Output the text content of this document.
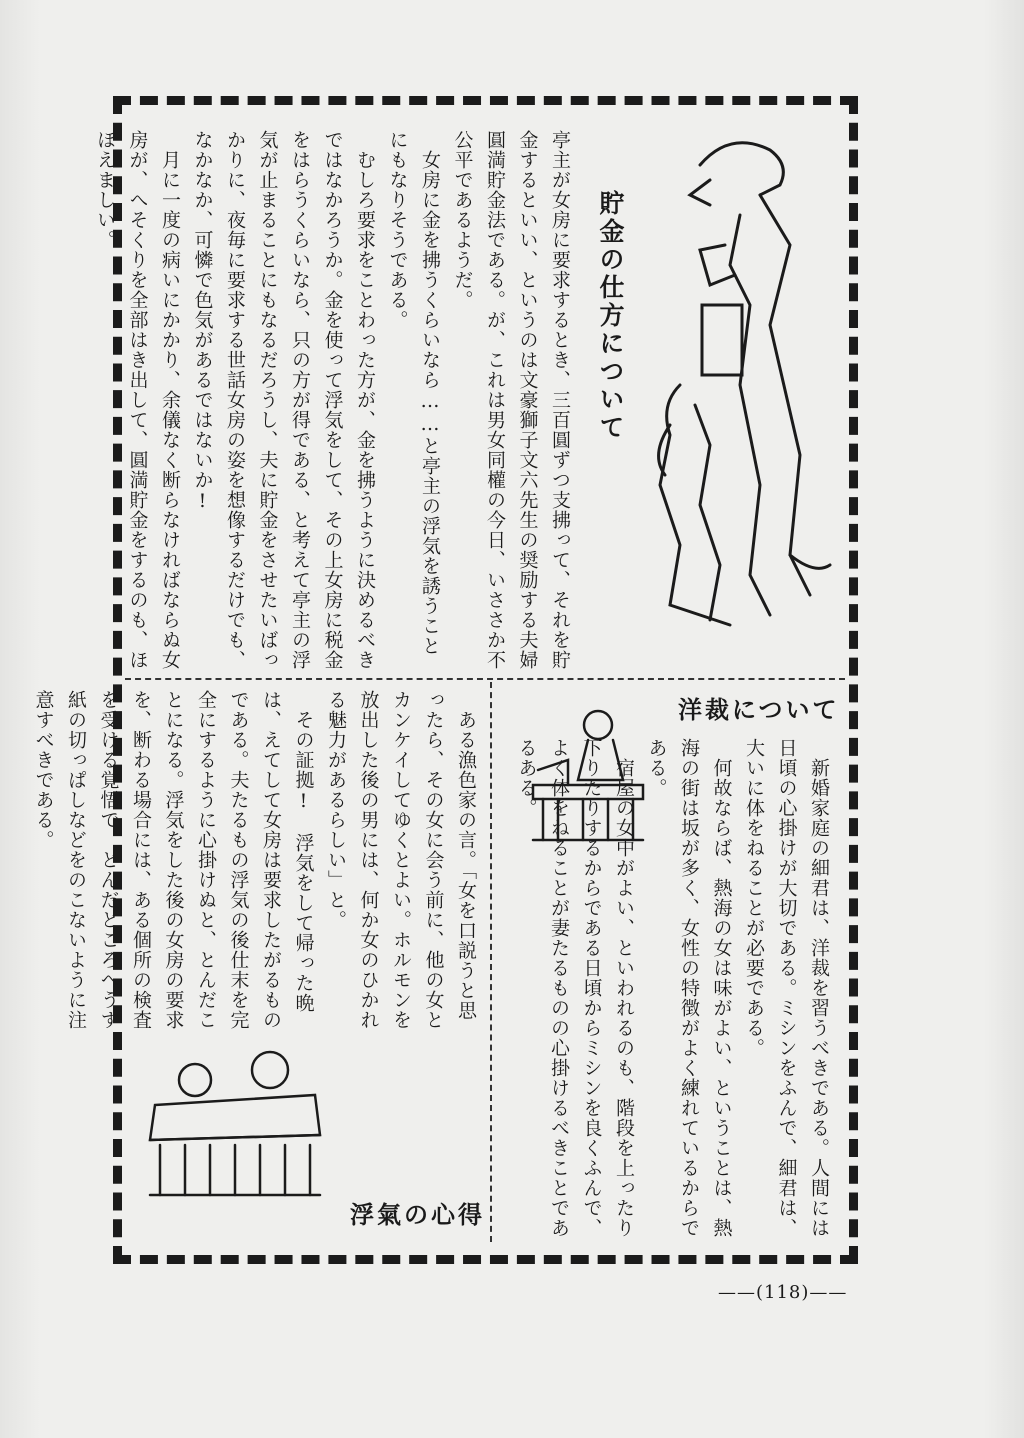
貯金の仕方について
亭主が女房に要求するとき、三百圓ずつ支拂って、それを貯金するといい、というのは文豪獅子文六先生の奨励する夫婦圓満貯金法である。が、これは男女同權の今日、いささか不公平であるようだ。
　女房に金を拂うくらいなら……と亭主の浮気を誘うことにもなりそうである。
　むしろ要求をことわった方が、金を拂うように決めるべきではなかろうか。金を使って浮気をして、その上女房に税金をはらうくらいなら、只の方が得である、と考えて亭主の浮気が止まることにもなるだろうし、夫に貯金をさせたいばっかりに、夜毎に要求する世話女房の姿を想像するだけでも、なかなか、可憐で色気があるではないか!
　月に一度の病いにかかり、余儀なく断らなければならぬ女房が、へそくりを全部はき出して、圓満貯金をするのも、ほほえましい。
洋裁について
　新婚家庭の細君は、洋裁を習うべきである。人間には日頃の心掛けが大切である。ミシンをふんで、細君は、大いに体をねることが必要である。
　何故ならば、熱海の女は味がよい、ということは、熱海の街は坂が多く、女性の特徴がよく練れているからである。
　宿屋の女中がよい、といわれるのも、階段を上ったり下りたりするからである日頃からミシンを良くふんで、よく体をねることが妻たるものの心掛けるべきことであるある。
浮氣の心得
　ある漁色家の言。「女を口説うと思ったら、その女に会う前に、他の女とカンケイしてゆくとよい。ホルモンを放出した後の男には、何か女のひかれる魅力があるらしい」と。
　その証拠!　浮気をして帰った晩は、えてして女房は要求したがるものである。夫たるもの浮気の後仕末を完全にするように心掛けぬと、とんだことになる。浮気をした後の女房の要求を、断わる場合には、ある個所の検査を受ける覚悟で、とんだところへうす紙の切っぱしなどをのこないように注意すべきである。
——(118)——
